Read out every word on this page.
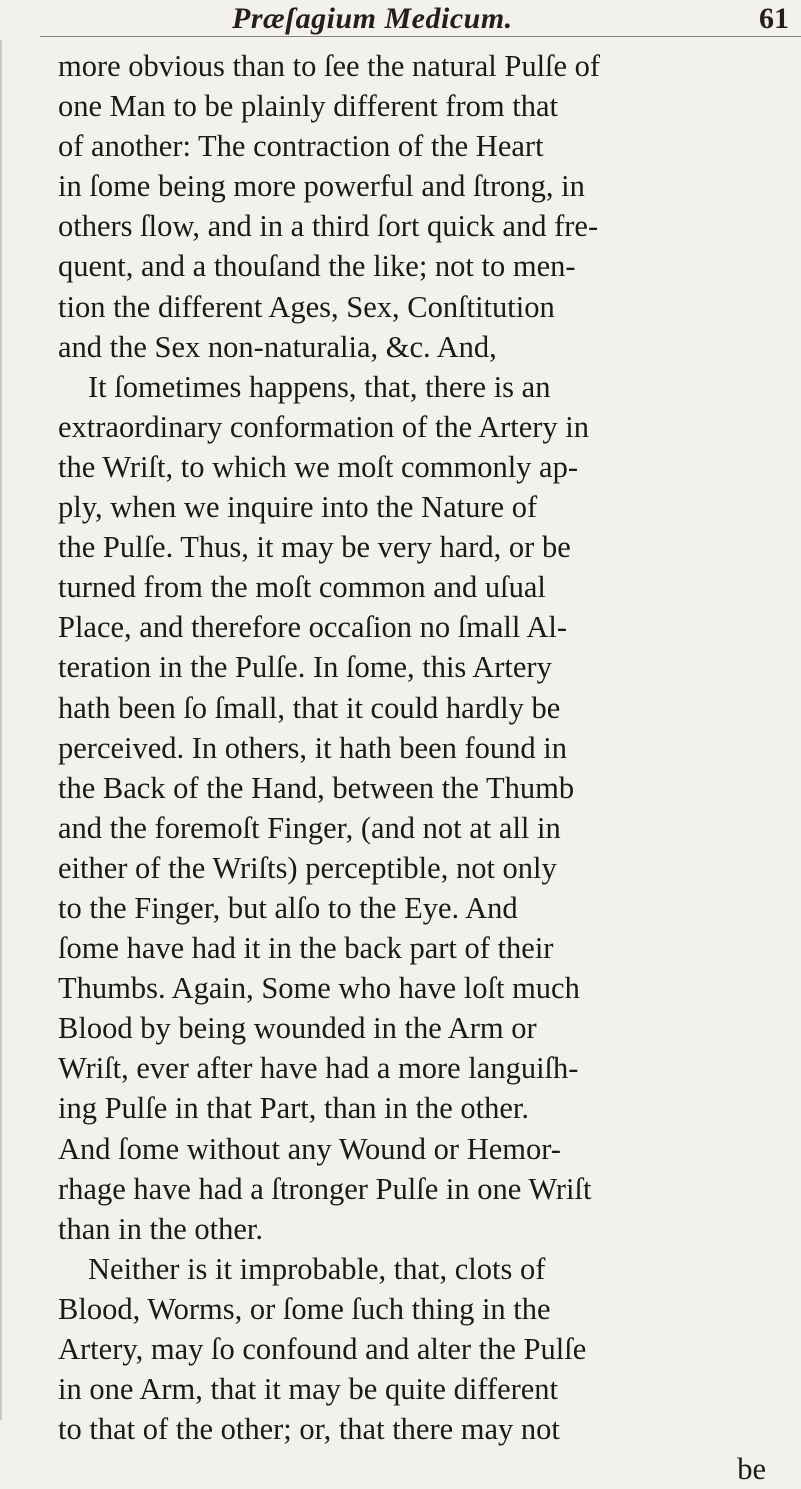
Præſagium Medicum.	61
more obvious than to ſee the natural Pulſe of
one Man to be plainly different from that
of another: The contraction of the Heart
in ſome being more powerful and ſtrong, in
others ſlow, and in a third ſort quick and fre-
quent, and a thouſand the like; not to men-
tion the different Ages, Sex, Conſtitution
and the Sex non-naturalia, &c. And,
It ſometimes happens, that, there is an
extraordinary conformation of the Artery in
the Wriſt, to which we moſt commonly ap-
ply, when we inquire into the Nature of
the Pulſe. Thus, it may be very hard, or be
turned from the moſt common and uſual
Place, and therefore occaſion no ſmall Al-
teration in the Pulſe. In ſome, this Artery
hath been ſo ſmall, that it could hardly be
perceived. In others, it hath been found in
the Back of the Hand, between the Thumb
and the foremoſt Finger, (and not at all in
either of the Wriſts) perceptible, not only
to the Finger, but alſo to the Eye. And
ſome have had it in the back part of their
Thumbs. Again, Some who have loſt much
Blood by being wounded in the Arm or
Wriſt, ever after have had a more languiſh-
ing Pulſe in that Part, than in the other.
And ſome without any Wound or Hemor-
rhage have had a ſtronger Pulſe in one Wriſt
than in the other.
Neither is it improbable, that, clots of
Blood, Worms, or ſome ſuch thing in the
Artery, may ſo confound and alter the Pulſe
in one Arm, that it may be quite different
to that of the other; or, that there may not
be
